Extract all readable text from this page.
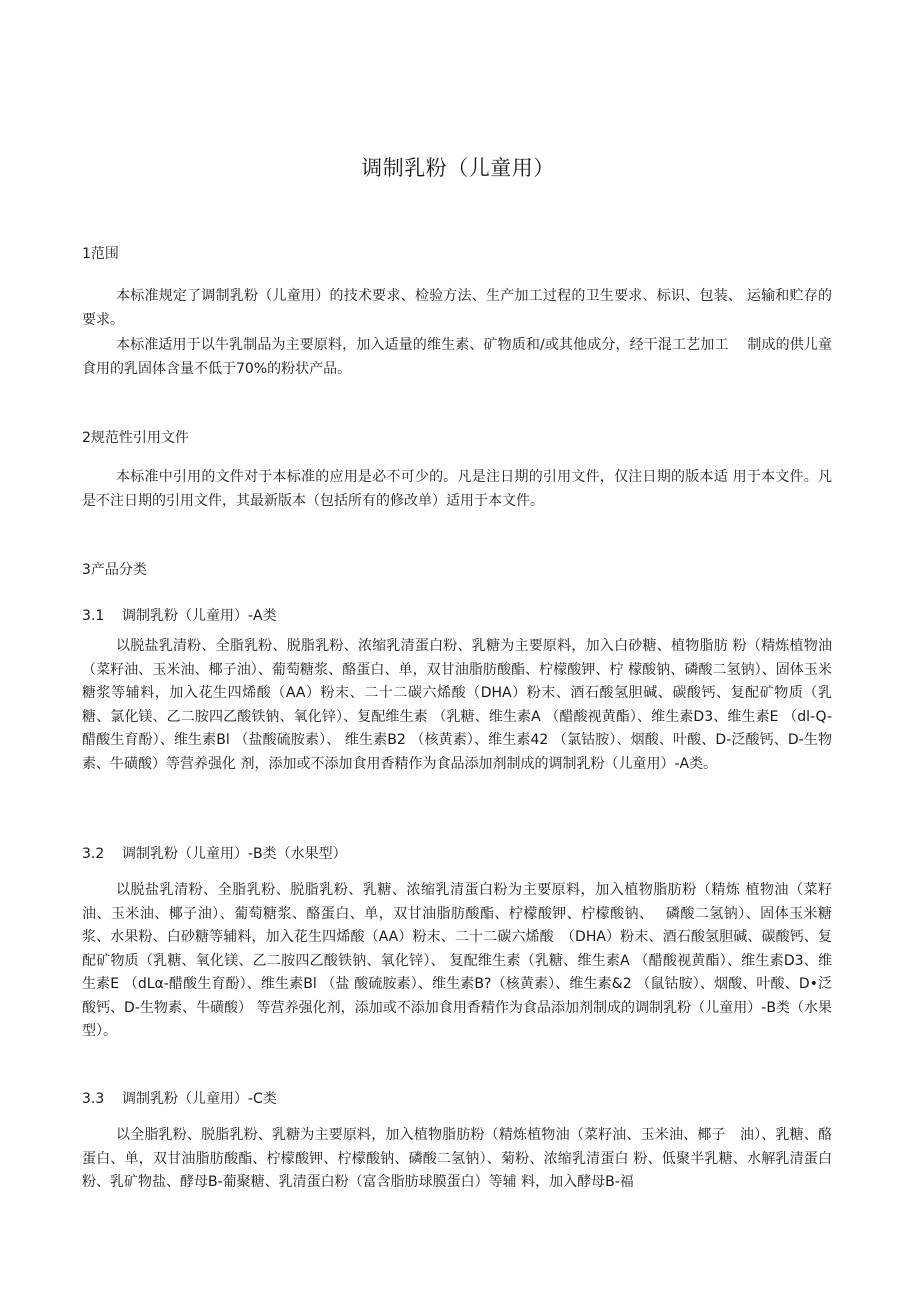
调制乳粉（儿童用）
1范围

本标准规定了调制乳粉（儿童用）的技术要求、检验方法、生产加工过程的卫生要求、标识、包装、 运输和贮存的要求。

本标准适用于以牛乳制品为主要原料，加入适量的维生素、矿物质和/或其他成分，经干混工艺加工　 制成的供儿童食用的乳固体含量不低于70%的粉状产品。

2规范性引用文件

本标准中引用的文件对于本标准的应用是必不可少的。凡是注日期的引用文件，仅注日期的版本适 用于本文件。凡是不注日期的引用文件，其最新版本（包括所有的修改单）适用于本文件。

3产品分类
3.1 调制乳粉（儿童用）-A类

以脱盐乳清粉、全脂乳粉、脱脂乳粉、浓缩乳清蛋白粉、乳糖为主要原料，加入白砂糖、植物脂肪 粉（精炼植物油（菜籽油、玉米油、椰子油）、葡萄糖浆、酪蛋白、单，双甘油脂肪酸酯、柠檬酸钾、柠 檬酸钠、磷酸二氢钠）、固体玉米糖浆等辅料，加入花生四烯酸（AA）粉末、二十二碳六烯酸（DHA）粉末、酒石酸氢胆碱、碳酸钙、复配矿物质（乳糖、氯化镁、乙二胺四乙酸铁钠、氧化锌）、复配维生素 （乳糖、维生素A （醋酸视黄酯）、维生素D3、维生素E （dl-Q-醋酸生育酚）、维生素Bl （盐酸硫胺素）、 维生素B2 （核黄素）、维生素42 （氯钴胺）、烟酸、叶酸、D-泛酸钙、D-生物素、牛磺酸）等营养强化 剂，添加或不添加食用香精作为食品添加剂制成的调制乳粉（儿童用）-A类。

3.2 调制乳粉（儿童用）-B类（水果型）

以脱盐乳清粉、全脂乳粉、脱脂乳粉、乳糖、浓缩乳清蛋白粉为主要原料，加入植物脂肪粉（精炼 植物油（菜籽油、玉米油、椰子油）、葡萄糖浆、酪蛋白、单，双甘油脂肪酸酯、柠檬酸钾、柠檬酸钠、　 磷酸二氢钠）、固体玉米糖浆、水果粉、白砂糖等辅料，加入花生四烯酸（AA）粉末、二十二碳六烯酸　（DHA）粉末、酒石酸氢胆碱、碳酸钙、复配矿物质（乳糖、氧化镁、乙二胺四乙酸铁钠、氧化锌）、 复配维生素（乳糖、维生素A （醋酸视黄酯）、维生素D3、维生素E （dLα-醋酸生育酚）、维生素Bl （盐 酸硫胺素）、维生素B?（核黄素）、维生素&2 （鼠钴胺）、烟酸、叶酸、D•泛酸钙、D-生物素、牛磺酸） 等营养强化剂，添加或不添加食用香精作为食品添加剂制成的调制乳粉（儿童用）-B类（水果型）。

3.3 调制乳粉（儿童用）-C类

以全脂乳粉、脱脂乳粉、乳糖为主要原料，加入植物脂肪粉（精炼植物油（菜籽油、玉米油、椰子　油）、乳糖、酪蛋白、单，双甘油脂肪酸酯、柠檬酸钾、柠檬酸钠、磷酸二氢钠）、菊粉、浓缩乳清蛋白 粉、低聚半乳糖、水解乳清蛋白粉、乳矿物盐、酵母B-葡聚糖、乳清蛋白粉（富含脂肪球膜蛋白）等辅 料，加入酵母B-福
